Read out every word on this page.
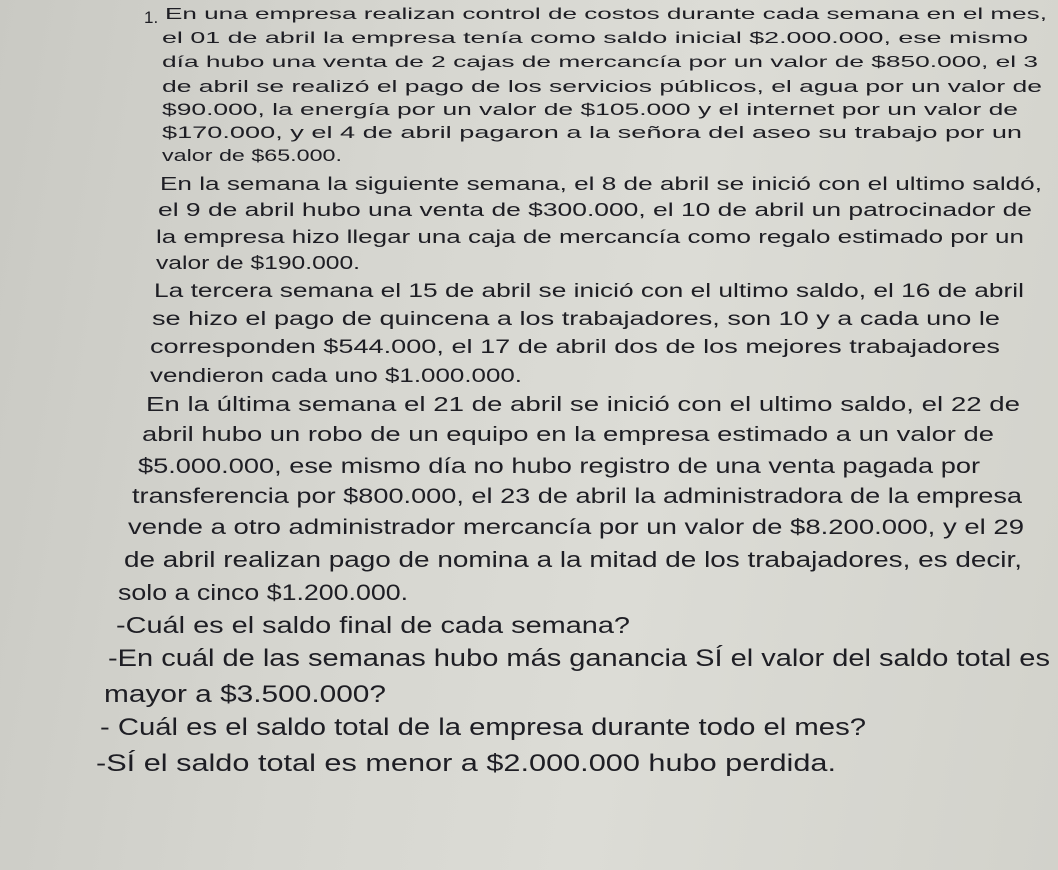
1. En una empresa realizan control de costos durante cada semana en el mes,
el 01 de abril la empresa tenía como saldo inicial $2.000.000, ese mismo
día hubo una venta de 2 cajas de mercancía por un valor de $850.000, el 3
de abril se realizó el pago de los servicios públicos, el agua por un valor de
$90.000, la energía por un valor de $105.000 y el internet por un valor de
$170.000, y el 4 de abril pagaron a la señora del aseo su trabajo por un
valor de $65.000.
En la semana la siguiente semana, el 8 de abril se inició con el ultimo saldó,
el 9 de abril hubo una venta de $300.000, el 10 de abril un patrocinador de
la empresa hizo llegar una caja de mercancía como regalo estimado por un
valor de $190.000.
La tercera semana el 15 de abril se inició con el ultimo saldo, el 16 de abril
se hizo el pago de quincena a los trabajadores, son 10 y a cada uno le
corresponden $544.000, el 17 de abril dos de los mejores trabajadores
vendieron cada uno $1.000.000.
En la última semana el 21 de abril se inició con el ultimo saldo, el 22 de
abril hubo un robo de un equipo en la empresa estimado a un valor de
$5.000.000, ese mismo día no hubo registro de una venta pagada por
transferencia por $800.000, el 23 de abril la administradora de la empresa
vende a otro administrador mercancía por un valor de $8.200.000, y el 29
de abril realizan pago de nomina a la mitad de los trabajadores, es decir,
solo a cinco $1.200.000.
-Cuál es el saldo final de cada semana?
-En cuál de las semanas hubo más ganancia SÍ el valor del saldo total es
mayor a $3.500.000?
- Cuál es el saldo total de la empresa durante todo el mes?
-SÍ el saldo total es menor a $2.000.000 hubo perdida.
